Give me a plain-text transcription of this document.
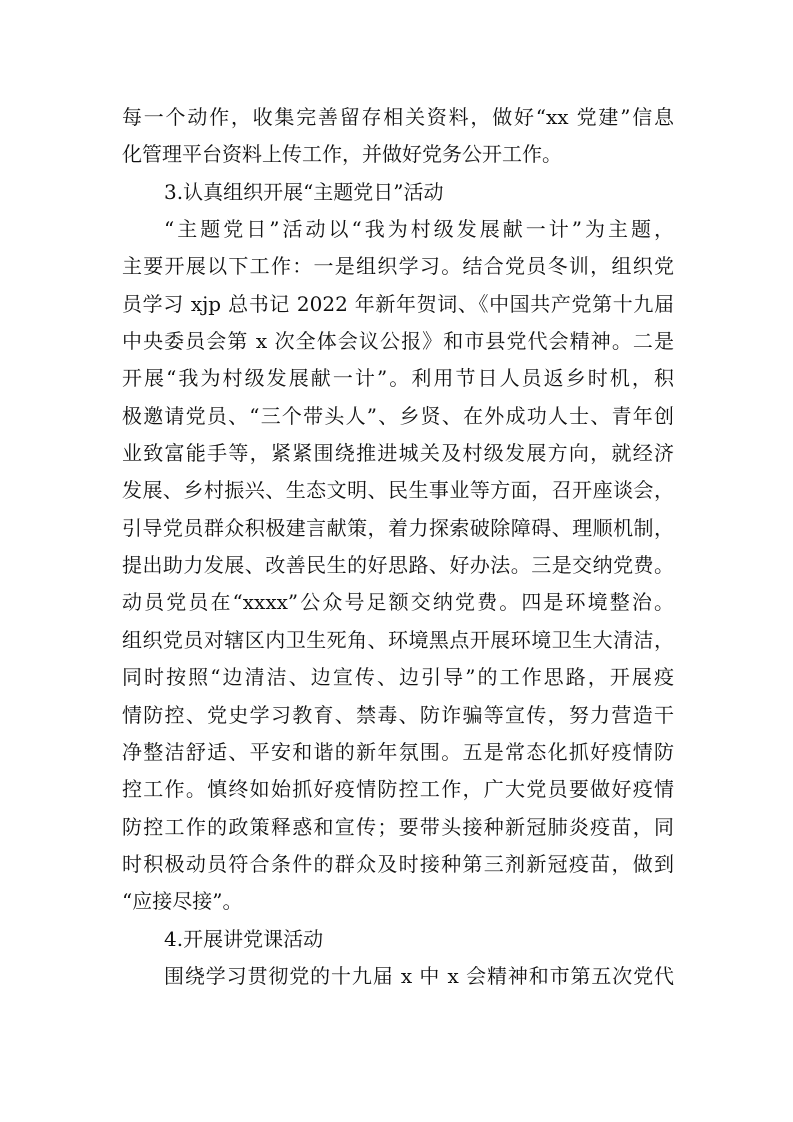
每一个动作，收集完善留存相关资料，做好“xx 党建”信息
化管理平台资料上传工作，并做好党务公开工作。
3.认真组织开展“主题党日”活动
“主题党日”活动以“我为村级发展献一计”为主题，
主要开展以下工作：一是组织学习。结合党员冬训，组织党
员学习 xjp 总书记 2022 年新年贺词、《中国共产党第十九届
中央委员会第 x 次全体会议公报》和市县党代会精神。二是
开展“我为村级发展献一计”。利用节日人员返乡时机，积
极邀请党员、“三个带头人”、乡贤、在外成功人士、青年创
业致富能手等，紧紧围绕推进城关及村级发展方向，就经济
发展、乡村振兴、生态文明、民生事业等方面，召开座谈会，
引导党员群众积极建言献策，着力探索破除障碍、理顺机制，
提出助力发展、改善民生的好思路、好办法。三是交纳党费。
动员党员在“xxxx”公众号足额交纳党费。四是环境整治。
组织党员对辖区内卫生死角、环境黑点开展环境卫生大清洁，
同时按照“边清洁、边宣传、边引导”的工作思路，开展疫
情防控、党史学习教育、禁毒、防诈骗等宣传，努力营造干
净整洁舒适、平安和谐的新年氛围。五是常态化抓好疫情防
控工作。慎终如始抓好疫情防控工作，广大党员要做好疫情
防控工作的政策释惑和宣传；要带头接种新冠肺炎疫苗，同
时积极动员符合条件的群众及时接种第三剂新冠疫苗，做到
“应接尽接”。
4.开展讲党课活动
围绕学习贯彻党的十九届 x 中 x 会精神和市第五次党代
